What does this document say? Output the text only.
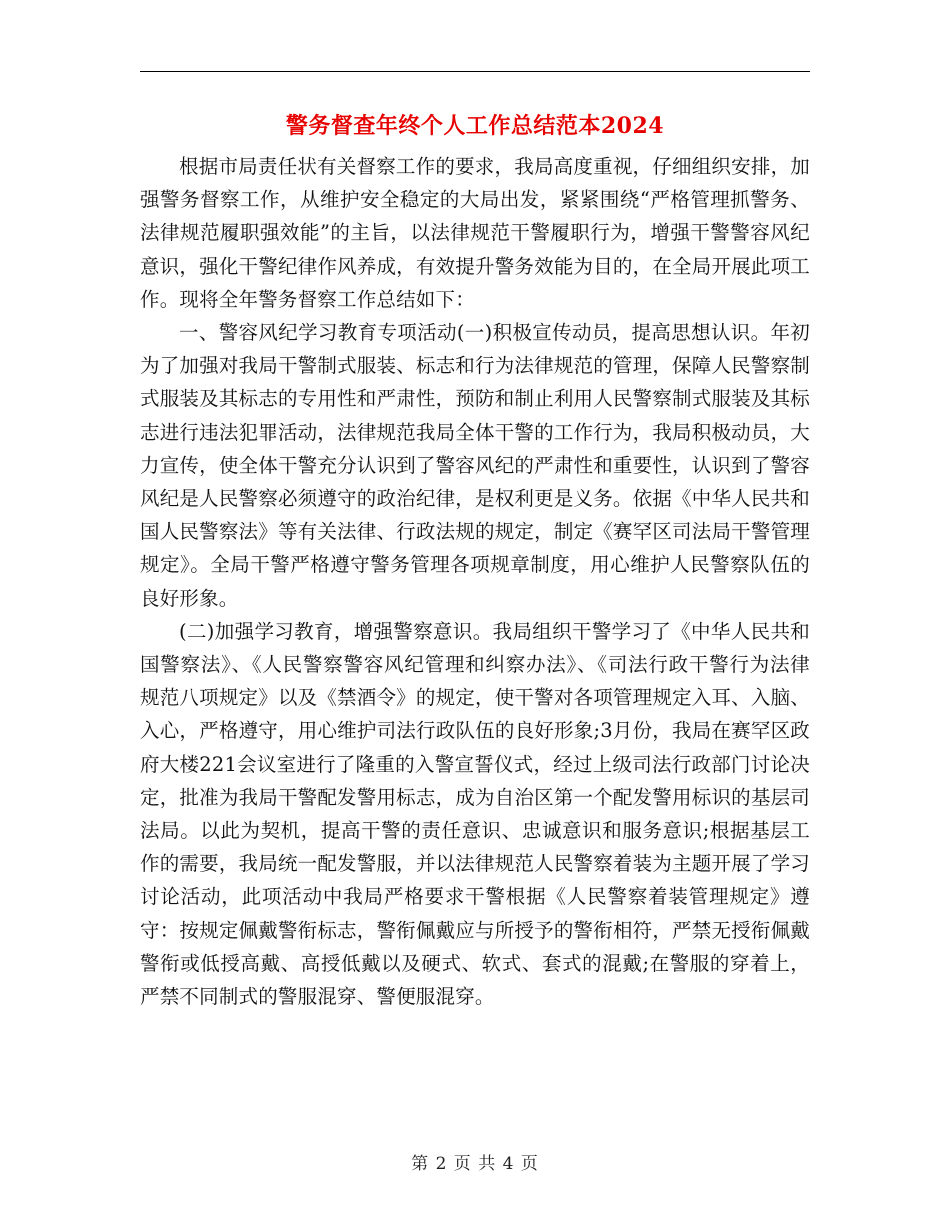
警务督查年终个人工作总结范本2024

根据市局责任状有关督察工作的要求，我局高度重视，仔细组织安排，加强警务督察工作，从维护安全稳定的大局出发，紧紧围绕“严格管理抓警务、法律规范履职强效能”的主旨，以法律规范干警履职行为，增强干警警容风纪意识，强化干警纪律作风养成，有效提升警务效能为目的，在全局开展此项工作。现将全年警务督察工作总结如下：

一、警容风纪学习教育专项活动(一)积极宣传动员，提高思想认识。年初为了加强对我局干警制式服装、标志和行为法律规范的管理，保障人民警察制式服装及其标志的专用性和严肃性，预防和制止利用人民警察制式服装及其标志进行违法犯罪活动，法律规范我局全体干警的工作行为，我局积极动员，大力宣传，使全体干警充分认识到了警容风纪的严肃性和重要性，认识到了警容风纪是人民警察必须遵守的政治纪律，是权利更是义务。依据《中华人民共和国人民警察法》等有关法律、行政法规的规定，制定《赛罕区司法局干警管理规定》。全局干警严格遵守警务管理各项规章制度，用心维护人民警察队伍的良好形象。

(二)加强学习教育，增强警察意识。我局组织干警学习了《中华人民共和国警察法》、《人民警察警容风纪管理和纠察办法》、《司法行政干警行为法律规范八项规定》以及《禁酒令》的规定，使干警对各项管理规定入耳、入脑、入心，严格遵守，用心维护司法行政队伍的良好形象;3月份，我局在赛罕区政府大楼221会议室进行了隆重的入警宣誓仪式，经过上级司法行政部门讨论决定，批准为我局干警配发警用标志，成为自治区第一个配发警用标识的基层司法局。以此为契机，提高干警的责任意识、忠诚意识和服务意识;根据基层工作的需要，我局统一配发警服，并以法律规范人民警察着装为主题开展了学习讨论活动，此项活动中我局严格要求干警根据《人民警察着装管理规定》遵守：按规定佩戴警衔标志，警衔佩戴应与所授予的警衔相符，严禁无授衔佩戴警衔或低授高戴、高授低戴以及硬式、软式、套式的混戴;在警服的穿着上，严禁不同制式的警服混穿、警便服混穿。

第 2 页 共 4 页
